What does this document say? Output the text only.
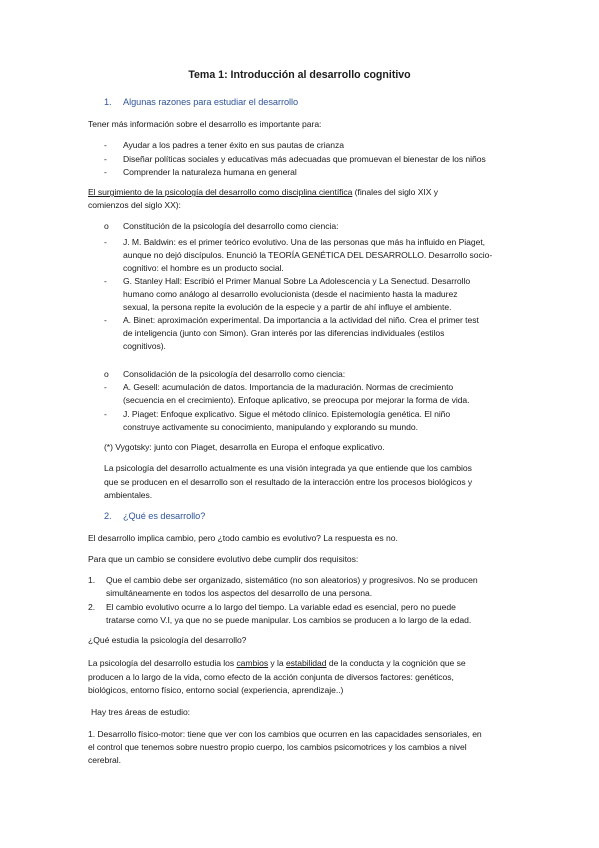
Tema 1: Introducción al desarrollo cognitivo
1. Algunas razones para estudiar el desarrollo
Tener más información sobre el desarrollo es importante para:
- Ayudar a los padres a tener éxito en sus pautas de crianza
- Diseñar políticas sociales y educativas más adecuadas que promuevan el bienestar de los niños
- Comprender la naturaleza humana en general
El surgimiento de la psicología del desarrollo como disciplina científica (finales del siglo XIX y
comienzos del siglo XX):
o Constitución de la psicología del desarrollo como ciencia:
- J. M. Baldwin: es el primer teórico evolutivo. Una de las personas que más ha influido en Piaget,
aunque no dejó discípulos. Enunció la TEORÍA GENÉTICA DEL DESARROLLO. Desarrollo socio-
cognitivo: el hombre es un producto social.
- G. Stanley Hall: Escribió el Primer Manual Sobre La Adolescencia y La Senectud. Desarrollo
humano como análogo al desarrollo evolucionista (desde el nacimiento hasta la madurez
sexual, la persona repite la evolución de la especie y a partir de ahí influye el ambiente.
- A. Binet: aproximación experimental. Da importancia a la actividad del niño. Crea el primer test
de inteligencia (junto con Simon). Gran interés por las diferencias individuales (estilos
cognitivos).
o Consolidación de la psicología del desarrollo como ciencia:
- A. Gesell: acumulación de datos. Importancia de la maduración. Normas de crecimiento
(secuencia en el crecimiento). Enfoque aplicativo, se preocupa por mejorar la forma de vida.
- J. Piaget: Enfoque explicativo. Sigue el método clínico. Epistemología genética. El niño
construye activamente su conocimiento, manipulando y explorando su mundo.
(*) Vygotsky: junto con Piaget, desarrolla en Europa el enfoque explicativo.
La psicología del desarrollo actualmente es una visión integrada ya que entiende que los cambios
que se producen en el desarrollo son el resultado de la interacción entre los procesos biológicos y
ambientales.
2. ¿Qué es desarrollo?
El desarrollo implica cambio, pero ¿todo cambio es evolutivo? La respuesta es no.
Para que un cambio se considere evolutivo debe cumplir dos requisitos:
1. Que el cambio debe ser organizado, sistemático (no son aleatorios) y progresivos. No se producen
simultáneamente en todos los aspectos del desarrollo de una persona.
2. El cambio evolutivo ocurre a lo largo del tiempo. La variable edad es esencial, pero no puede
tratarse como V.I, ya que no se puede manipular. Los cambios se producen a lo largo de la edad.
¿Qué estudia la psicología del desarrollo?
La psicología del desarrollo estudia los cambios y la estabilidad de la conducta y la cognición que se
producen a lo largo de la vida, como efecto de la acción conjunta de diversos factores: genéticos,
biológicos, entorno físico, entorno social (experiencia, aprendizaje..)
Hay tres áreas de estudio:
1. Desarrollo físico-motor: tiene que ver con los cambios que ocurren en las capacidades sensoriales, en
el control que tenemos sobre nuestro propio cuerpo, los cambios psicomotrices y los cambios a nivel
cerebral.
